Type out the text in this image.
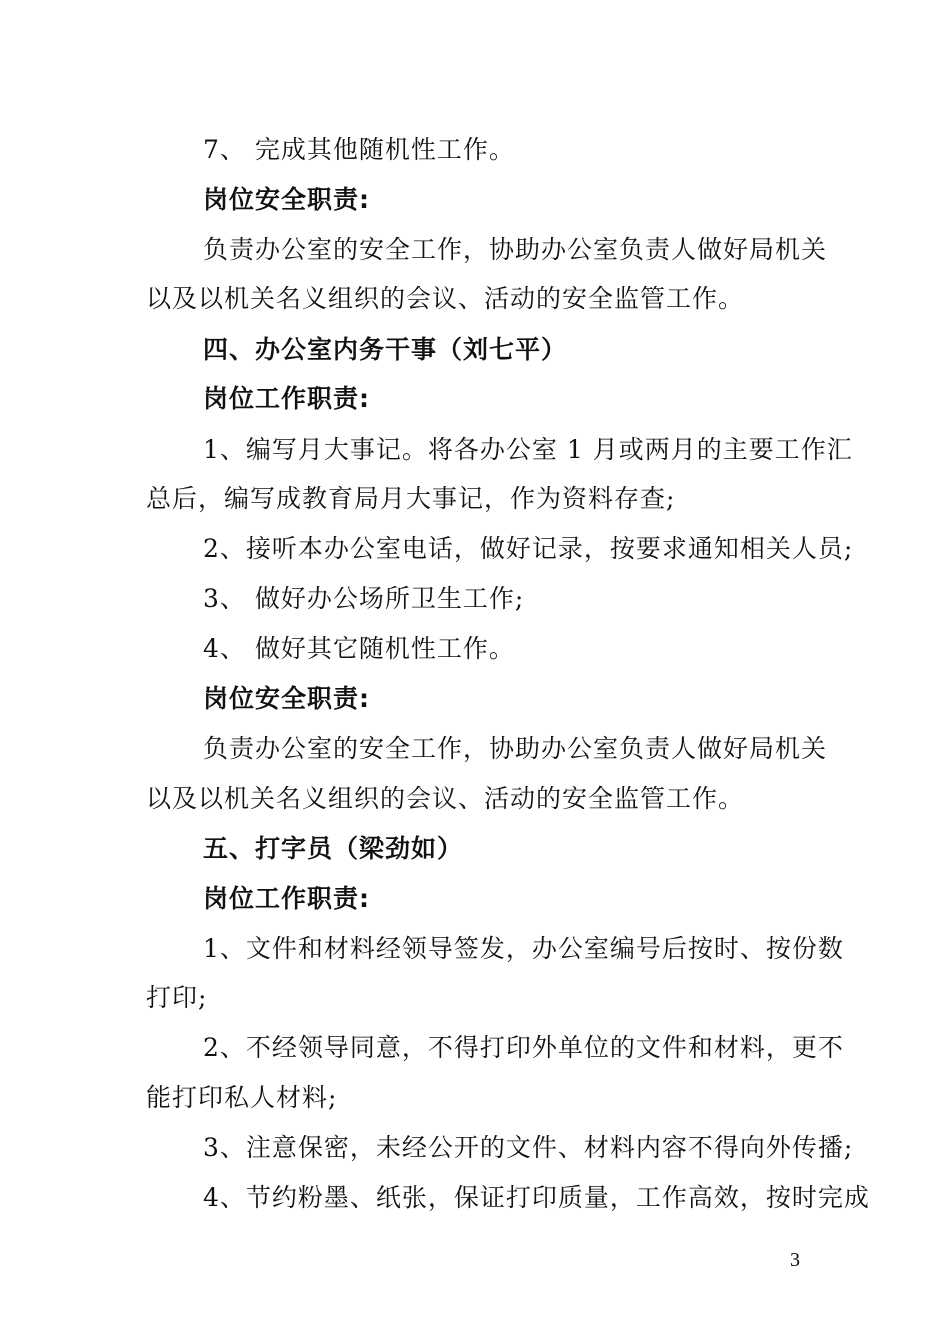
7、 完成其他随机性工作。
岗位安全职责:
负责办公室的安全工作，协助办公室负责人做好局机关
以及以机关名义组织的会议、活动的安全监管工作。
四、办公室内务干事（刘七平）
岗位工作职责:
1、编写月大事记。将各办公室 1 月或两月的主要工作汇
总后，编写成教育局月大事记，作为资料存查;
2、接听本办公室电话，做好记录，按要求通知相关人员;
3、 做好办公场所卫生工作;
4、 做好其它随机性工作。
岗位安全职责:
负责办公室的安全工作，协助办公室负责人做好局机关
以及以机关名义组织的会议、活动的安全监管工作。
五、打字员（梁劲如）
岗位工作职责:
1、文件和材料经领导签发，办公室编号后按时、按份数
打印;
2、不经领导同意，不得打印外单位的文件和材料，更不
能打印私人材料;
3、注意保密，未经公开的文件、材料内容不得向外传播;
4、节约粉墨、纸张，保证打印质量，工作高效，按时完成
3
